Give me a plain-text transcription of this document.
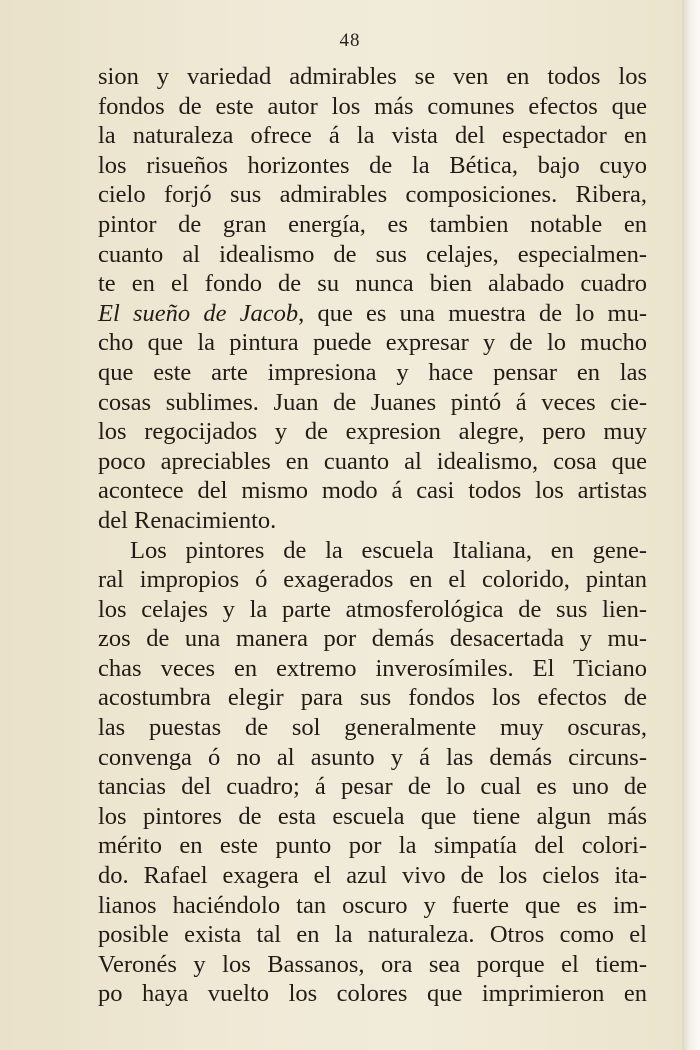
48
sion y variedad admirables se ven en todos los
fondos de este autor los más comunes efectos que
la naturaleza ofrece á la vista del espectador en
los risueños horizontes de la Bética, bajo cuyo
cielo forjó sus admirables composiciones. Ribera,
pintor de gran energía, es tambien notable en
cuanto al idealismo de sus celajes, especialmen-
te en el fondo de su nunca bien alabado cuadro
El sueño de Jacob, que es una muestra de lo mu-
cho que la pintura puede expresar y de lo mucho
que este arte impresiona y hace pensar en las
cosas sublimes. Juan de Juanes pintó á veces cie-
los regocijados y de expresion alegre, pero muy
poco apreciables en cuanto al idealismo, cosa que
acontece del mismo modo á casi todos los artistas
del Renacimiento.
Los pintores de la escuela Italiana, en gene-
ral impropios ó exagerados en el colorido, pintan
los celajes y la parte atmosferológica de sus lien-
zos de una manera por demás desacertada y mu-
chas veces en extremo inverosímiles. El Ticiano
acostumbra elegir para sus fondos los efectos de
las puestas de sol generalmente muy oscuras,
convenga ó no al asunto y á las demás circuns-
tancias del cuadro; á pesar de lo cual es uno de
los pintores de esta escuela que tiene algun más
mérito en este punto por la simpatía del colori-
do. Rafael exagera el azul vivo de los cielos ita-
lianos haciéndolo tan oscuro y fuerte que es im-
posible exista tal en la naturaleza. Otros como el
Veronés y los Bassanos, ora sea porque el tiem-
po haya vuelto los colores que imprimieron en
